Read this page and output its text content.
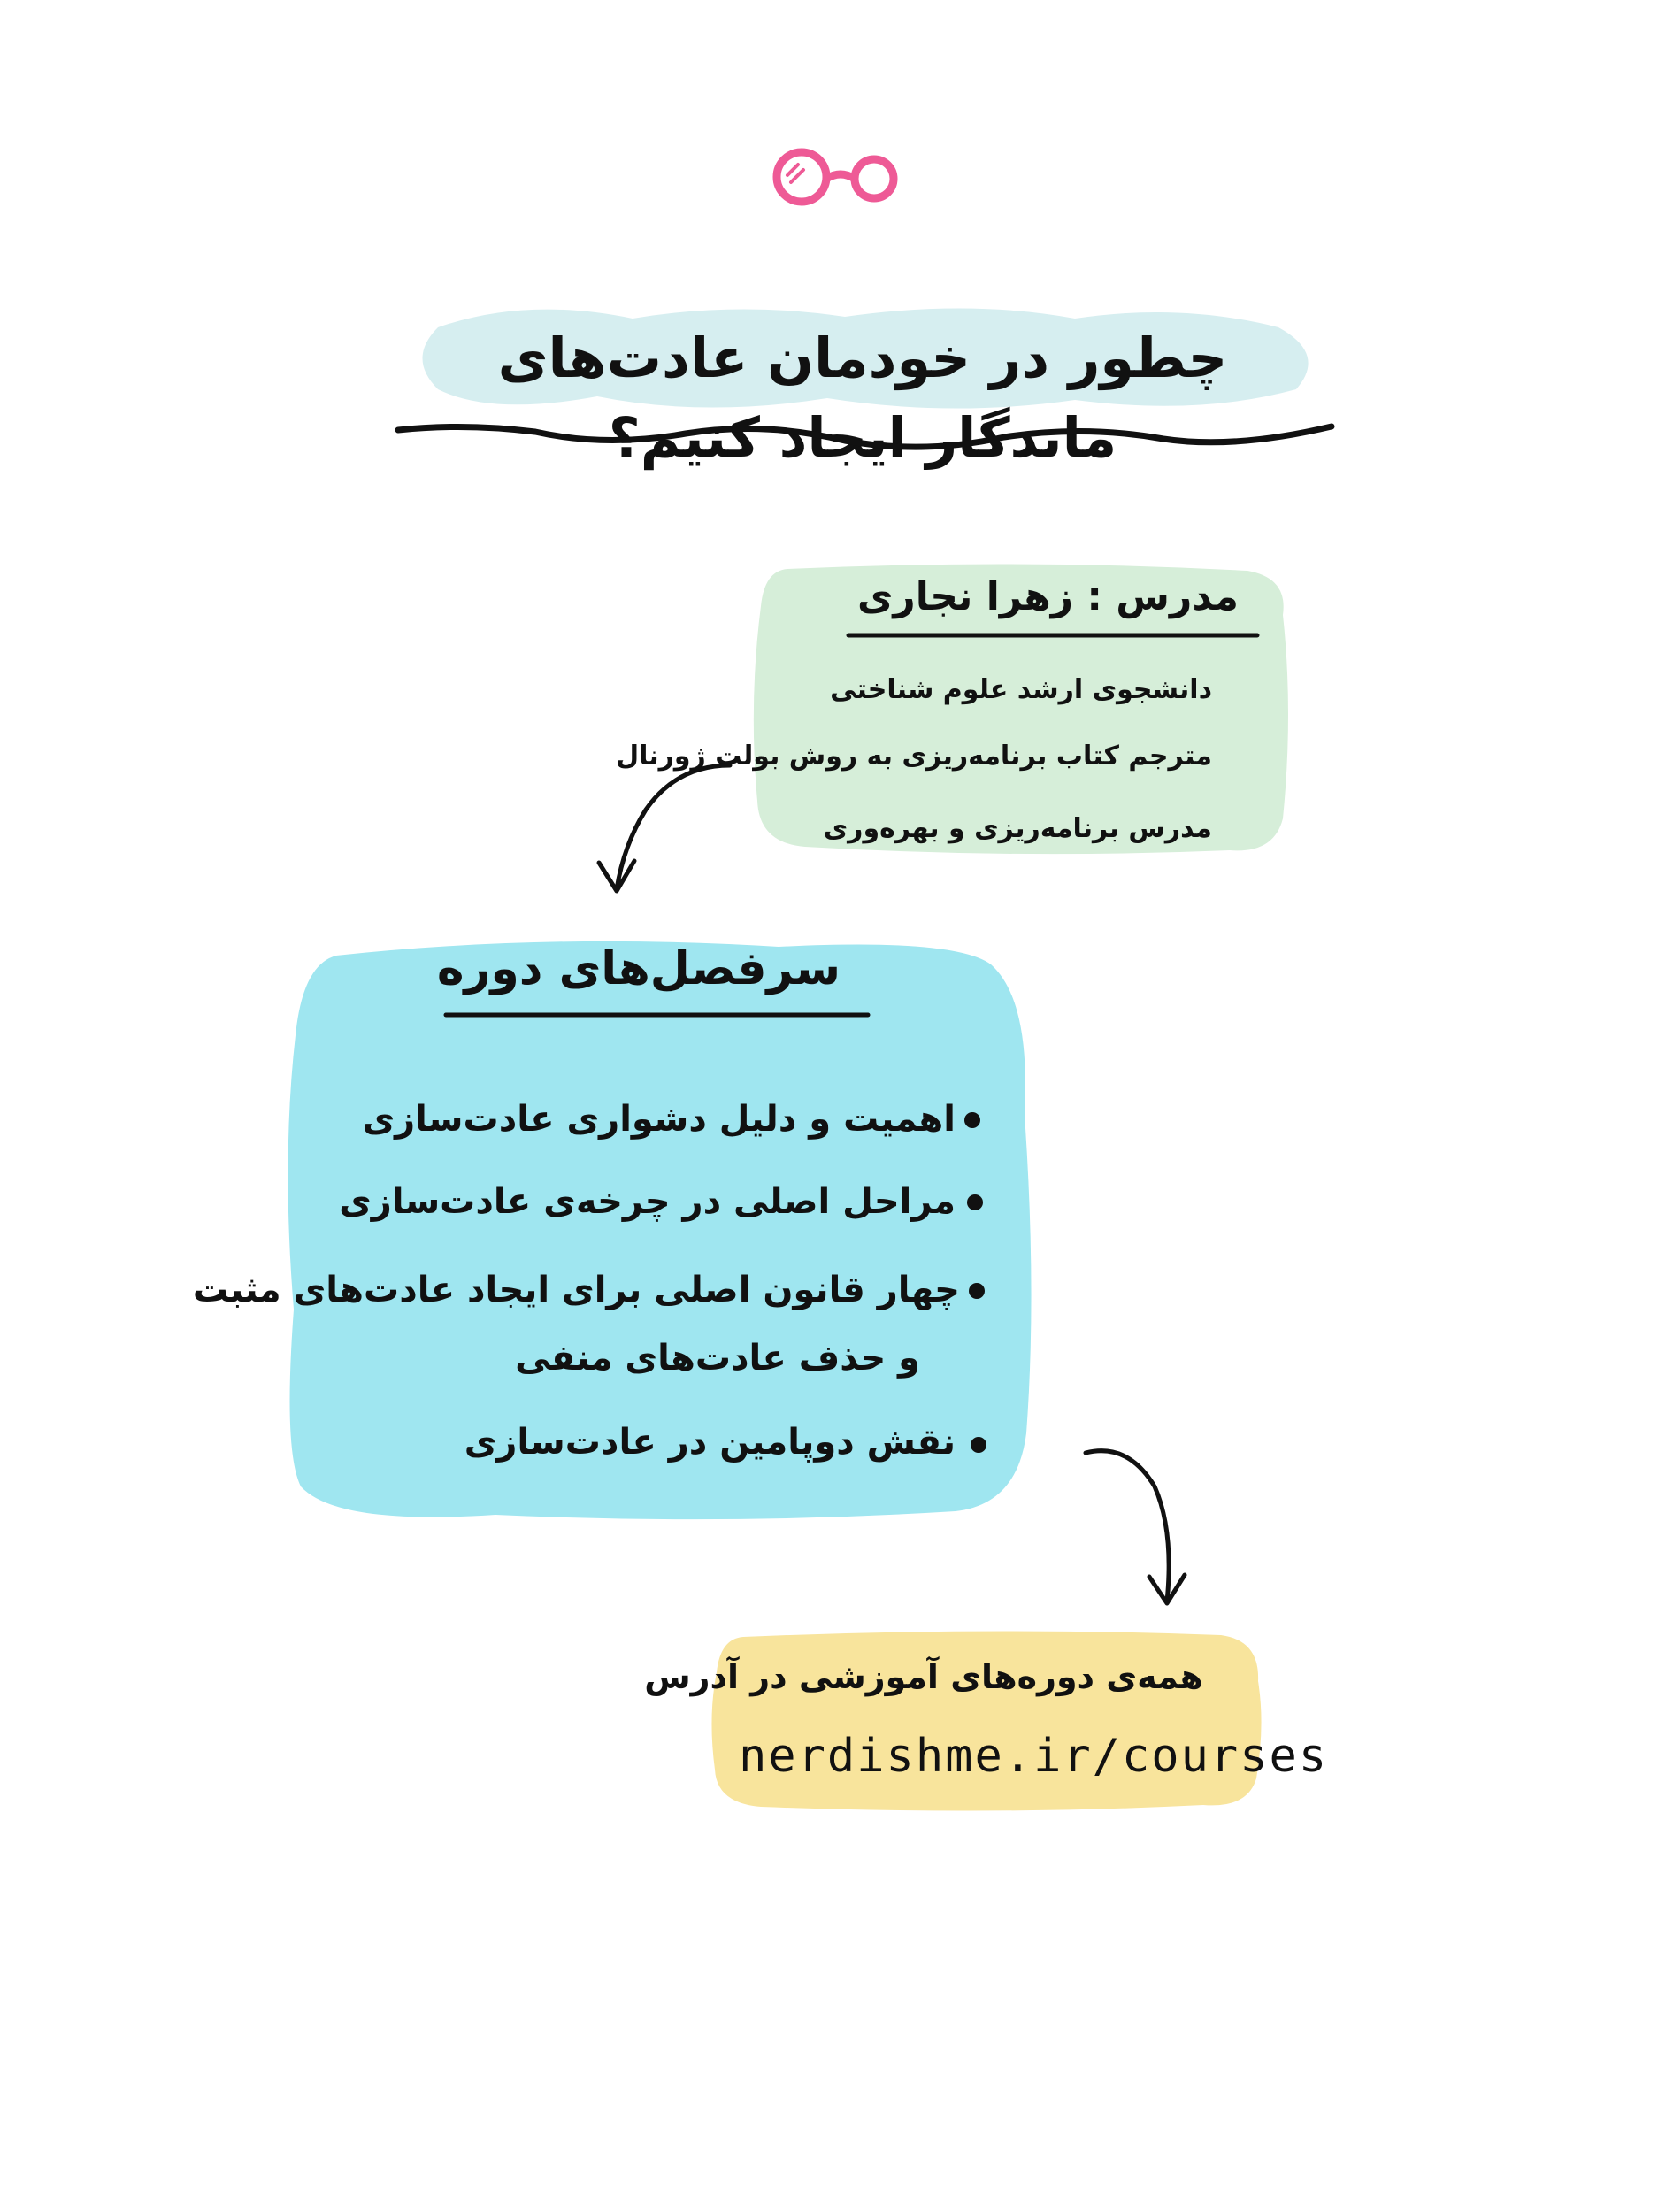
چطور در خودمان عادت‌های ماندگار ایجاد کنیم؟
مدرس : زهرا نجاری
دانشجوی ارشد علوم شناختی
مترجم کتاب برنامه‌ریزی به روش بولت ژورنال
مدرس برنامه‌ریزی و بهره‌وری
سرفصل‌های دوره
اهمیت و دلیل دشواری عادت‌سازی
مراحل اصلی در چرخه‌ی عادت‌سازی
چهار قانون اصلی برای ایجاد عادت‌های مثبت
و حذف عادت‌های منفی
نقش دوپامین در عادت‌سازی
همه‌ی دوره‌های آموزشی در آدرس
nerdishme.ir/courses
